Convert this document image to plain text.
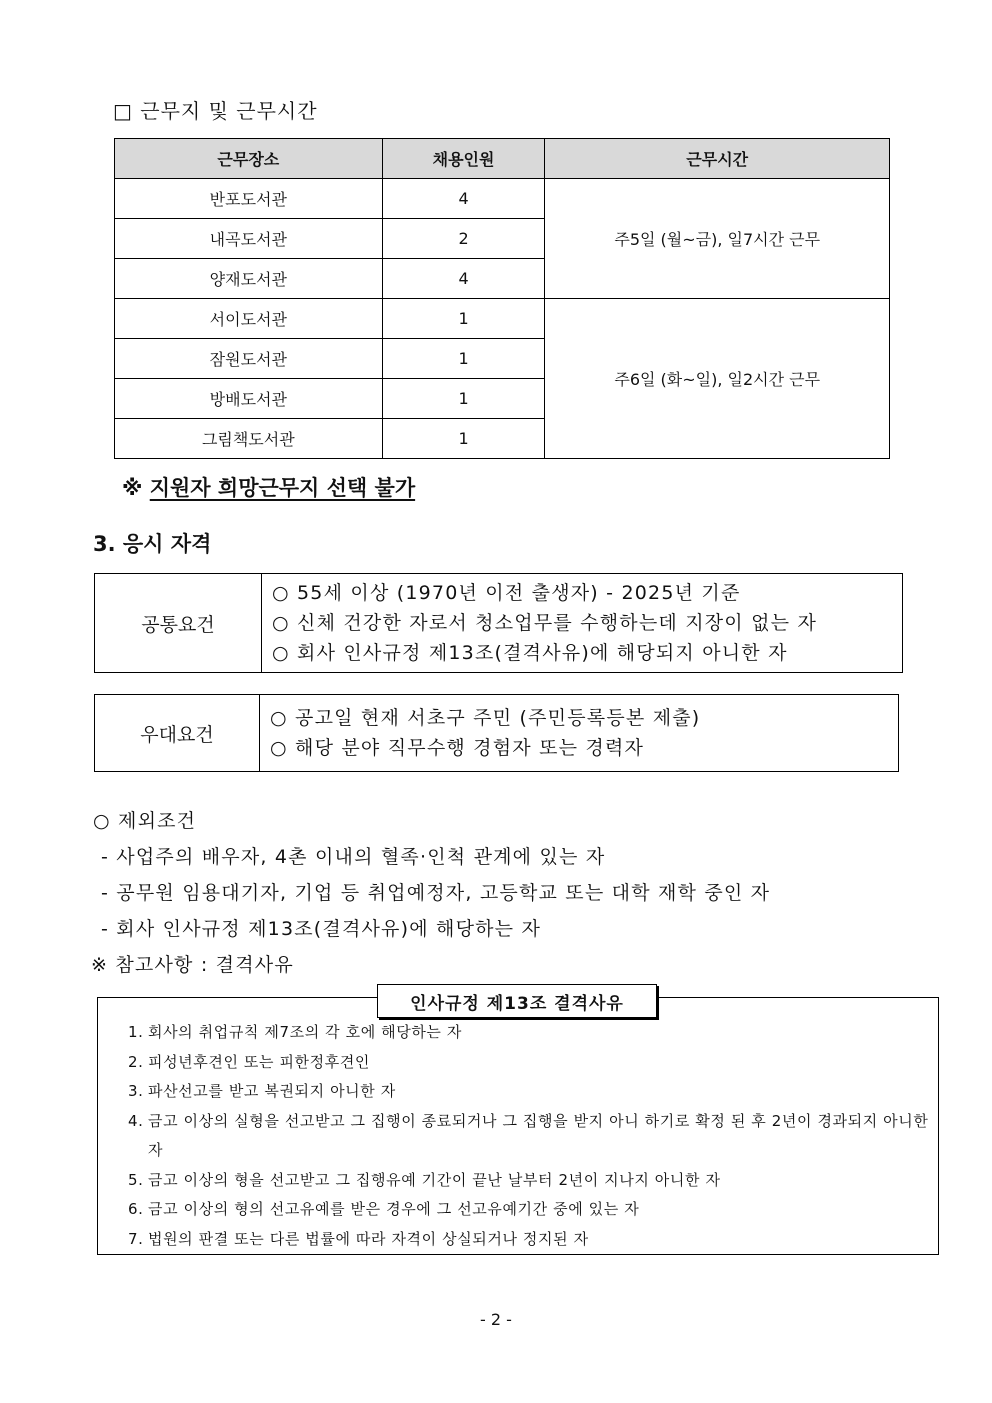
□ 근무지 및 근무시간
근무장소	채용인원	근무시간
반포도서관	4	주5일 (월~금), 일7시간 근무
내곡도서관	2	
양재도서관	4	
서이도서관	1	주6일 (화~일), 일2시간 근무
잠원도서관	1	
방배도서관	1	
그림책도서관	1	
※ 지원자 희망근무지 선택 불가
3. 응시 자격
공통요건
○ 55세 이상 (1970년 이전 출생자) - 2025년 기준
○ 신체 건강한 자로서 청소업무를 수행하는데 지장이 없는 자
○ 회사 인사규정 제13조(결격사유)에 해당되지 아니한 자
우대요건
○ 공고일 현재 서초구 주민 (주민등록등본 제출)
○ 해당 분야 직무수행 경험자 또는 경력자
○ 제외조건
- 사업주의 배우자, 4촌 이내의 혈족·인척 관계에 있는 자
- 공무원 임용대기자, 기업 등 취업예정자, 고등학교 또는 대학 재학 중인 자
- 회사 인사규정 제13조(결격사유)에 해당하는 자
※ 참고사항 : 결격사유
인사규정 제13조 결격사유
1. 회사의 취업규칙 제7조의 각 호에 해당하는 자
2. 피성년후견인 또는 피한정후견인
3. 파산선고를 받고 복권되지 아니한 자
4. 금고 이상의 실형을 선고받고 그 집행이 종료되거나 그 집행을 받지 아니 하기로 확정 된 후 2년이 경과되지 아니한 자
5. 금고 이상의 형을 선고받고 그 집행유예 기간이 끝난 날부터 2년이 지나지 아니한 자
6. 금고 이상의 형의 선고유예를 받은 경우에 그 선고유예기간 중에 있는 자
7. 법원의 판결 또는 다른 법률에 따라 자격이 상실되거나 정지된 자
- 2 -
